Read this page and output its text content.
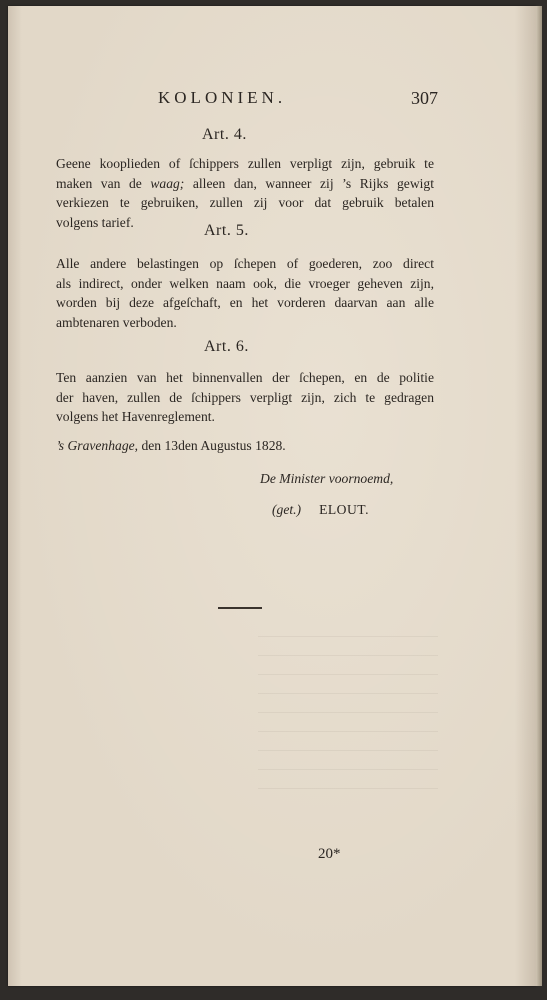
KOLONIEN.	307
Art. 4.
Geene kooplieden of ſchippers zullen verpligt zijn, gebruik te
maken van de waag; alleen dan, wanneer zij ’s Rijks gewigt
verkiezen te gebruiken, zullen zij voor dat gebruik betalen
volgens tarief.	Art. 5.
Alle andere belastingen op ſchepen of goederen, zoo direct
als indirect, onder welken naam ook, die vroeger geheven zijn,
worden bij deze afgeſchaft, en het vorderen daarvan aan alle
ambtenaren verboden.
Art. 6.
Ten aanzien van het binnenvallen der ſchepen, en de politie
der haven, zullen de ſchippers verpligt zijn, zich te gedragen
volgens het Havenreglement.
’s Gravenhage, den 13den Augustus 1828.
De Minister voornoemd,
(get.) ELOUT.
20*
